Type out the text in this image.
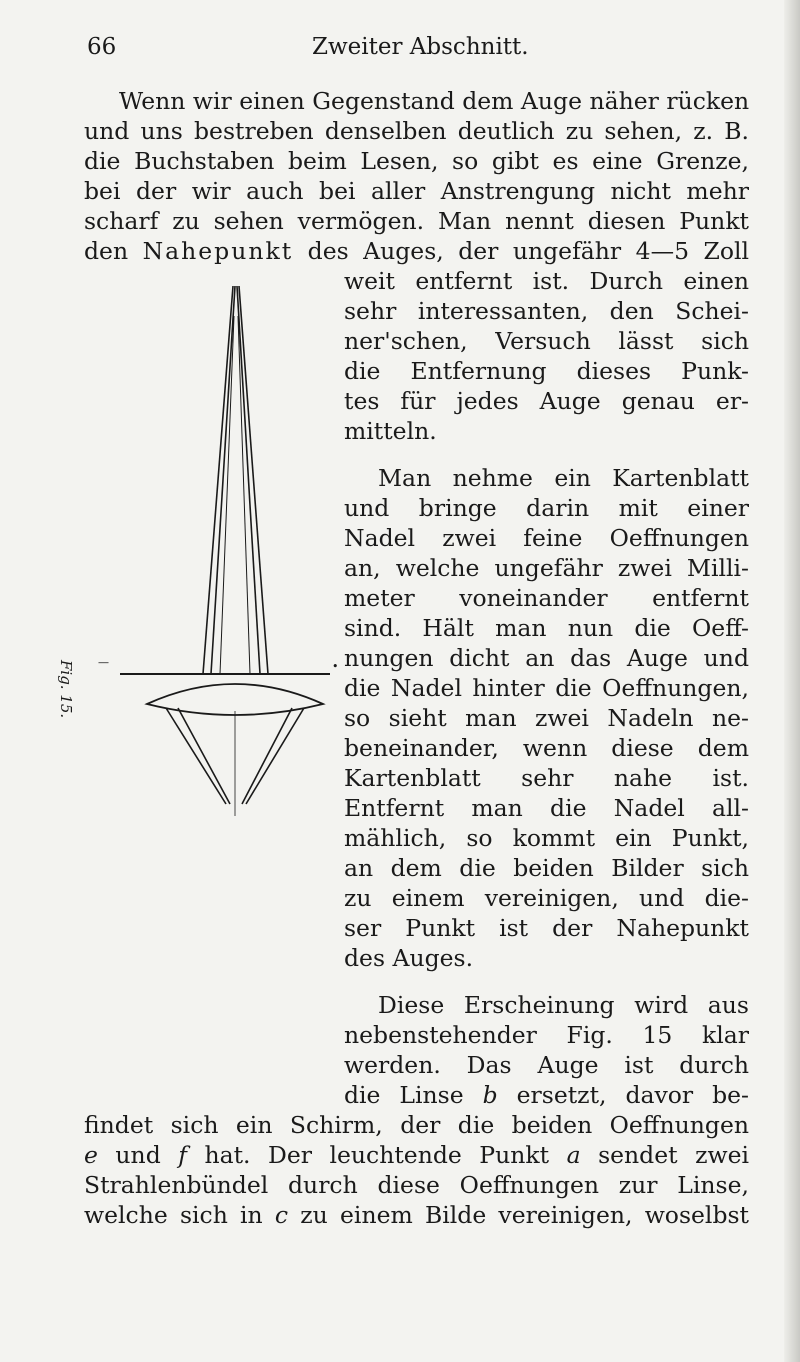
66	Zweiter Abschnitt.
Wenn wir einen Gegenstand dem Auge näher rücken
und uns bestreben denselben deutlich zu sehen, z. B.
die Buchstaben beim Lesen, so gibt es eine Grenze,
bei der wir auch bei aller Anstrengung nicht mehr
scharf zu sehen vermögen. Man nennt diesen Punkt
den Nahepunkt des Auges, der ungefähr 4—5 Zoll
weit entfernt ist. Durch einen
sehr interessanten, den Schei-
ner'schen, Versuch lässt sich
die Entfernung dieses Punk-
tes für jedes Auge genau er-
mitteln.
Man nehme ein Kartenblatt
und bringe darin mit einer
Nadel zwei feine Oeffnungen
an, welche ungefähr zwei Milli-
meter voneinander entfernt
sind. Hält man nun die Oeff-
nungen dicht an das Auge und
die Nadel hinter die Oeffnungen,
so sieht man zwei Nadeln ne-
beneinander, wenn diese dem
Kartenblatt sehr nahe ist.
Entfernt man die Nadel all-
mählich, so kommt ein Punkt,
an dem die beiden Bilder sich
zu einem vereinigen, und die-
ser Punkt ist der Nahepunkt
des Auges.
Diese Erscheinung wird aus
nebenstehender Fig. 15 klar
werden. Das Auge ist durch
die Linse b ersetzt, davor be-
findet sich ein Schirm, der die beiden Oeffnungen
e und f hat. Der leuchtende Punkt a sendet zwei
Strahlenbündel durch diese Oeffnungen zur Linse,
welche sich in c zu einem Bilde vereinigen, woselbst
—	•
Fig. 15.
